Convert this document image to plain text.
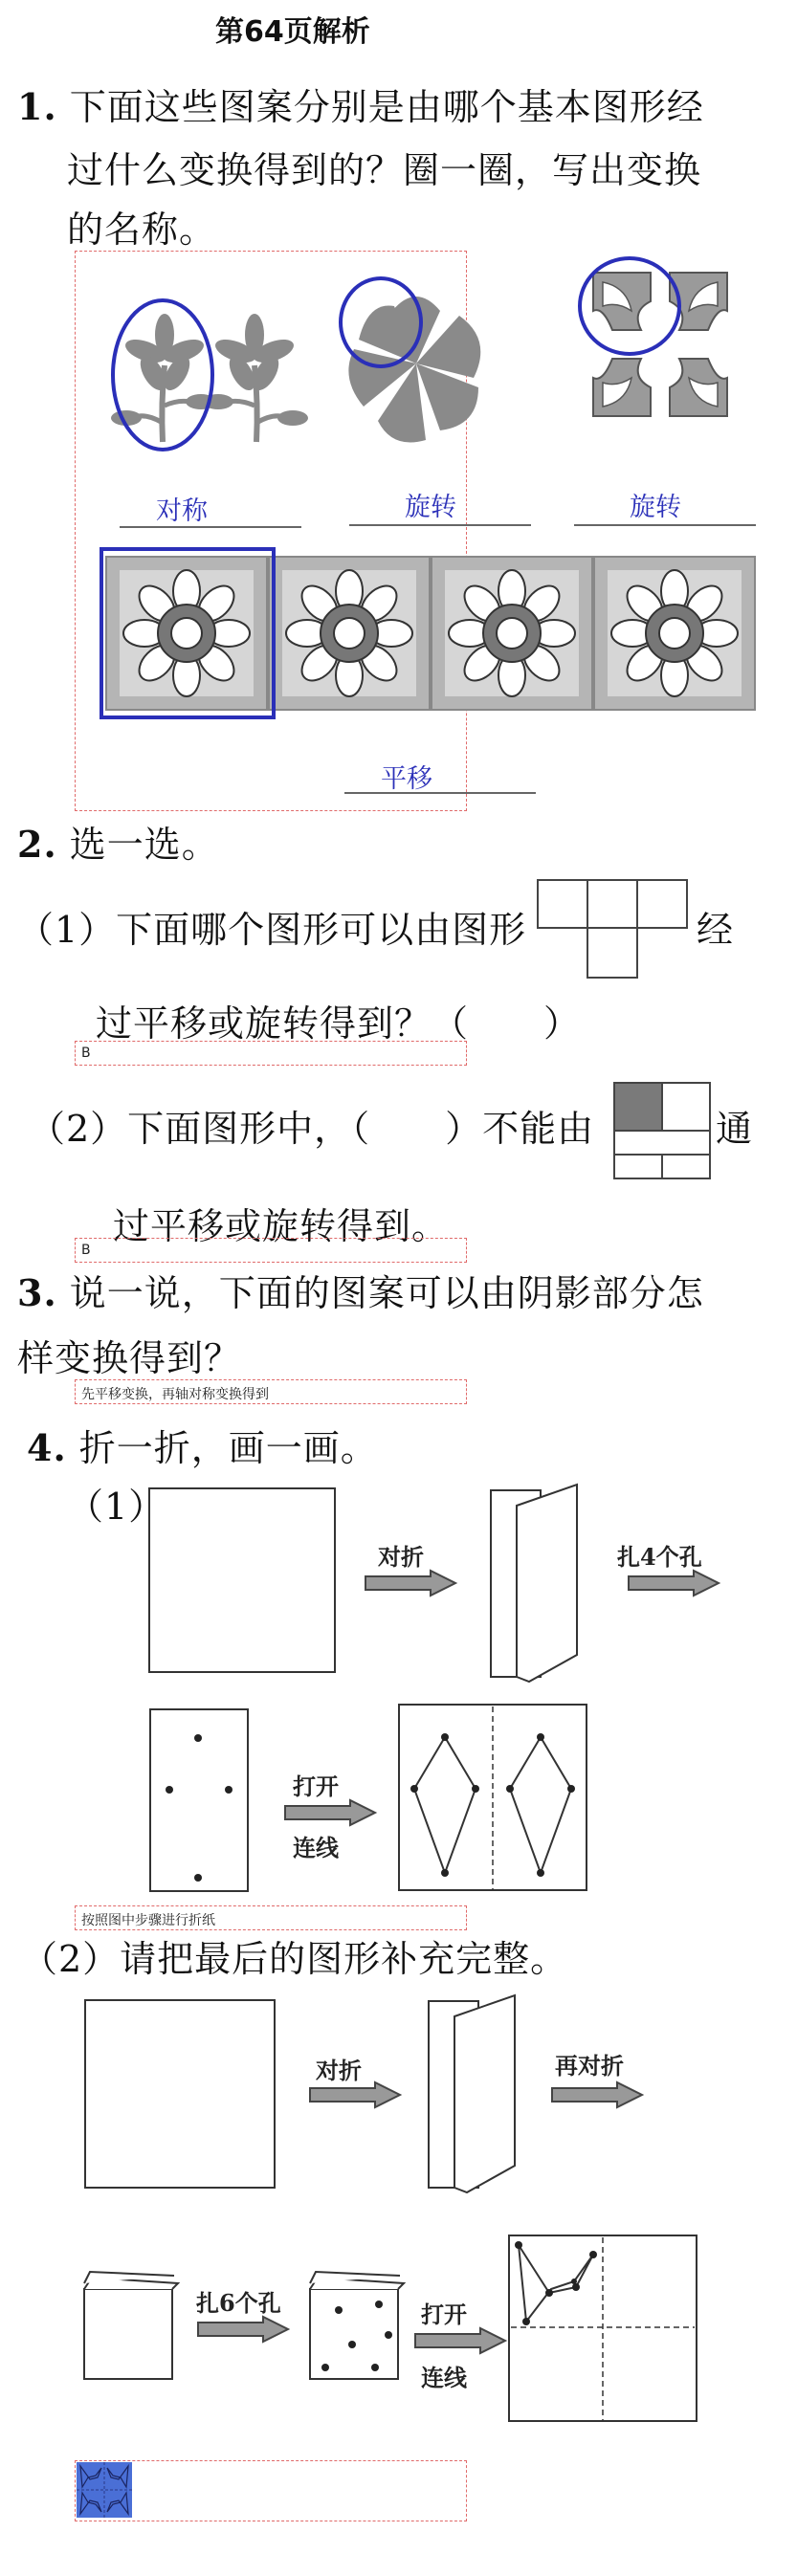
第64页解析
1. 下面这些图案分别是由哪个基本图形经
过什么变换得到的？圈一圈，写出变换
的名称。
对称	旋转	旋转
平移
2. 选一选。
（1）下面哪个图形可以由图形	经
过平移或旋转得到？（　　）
B
（2）下面图形中，（　　）不能由	通
过平移或旋转得到。
B
3. 说一说，下面的图案可以由阴影部分怎
样变换得到？
先平移变换，再轴对称变换得到
4. 折一折，画一画。
（1）
对折	扎4个孔
打开
连线
按照图中步骤进行折纸
（2）请把最后的图形补充完整。
对折	再对折
扎6个孔	打开
连线
